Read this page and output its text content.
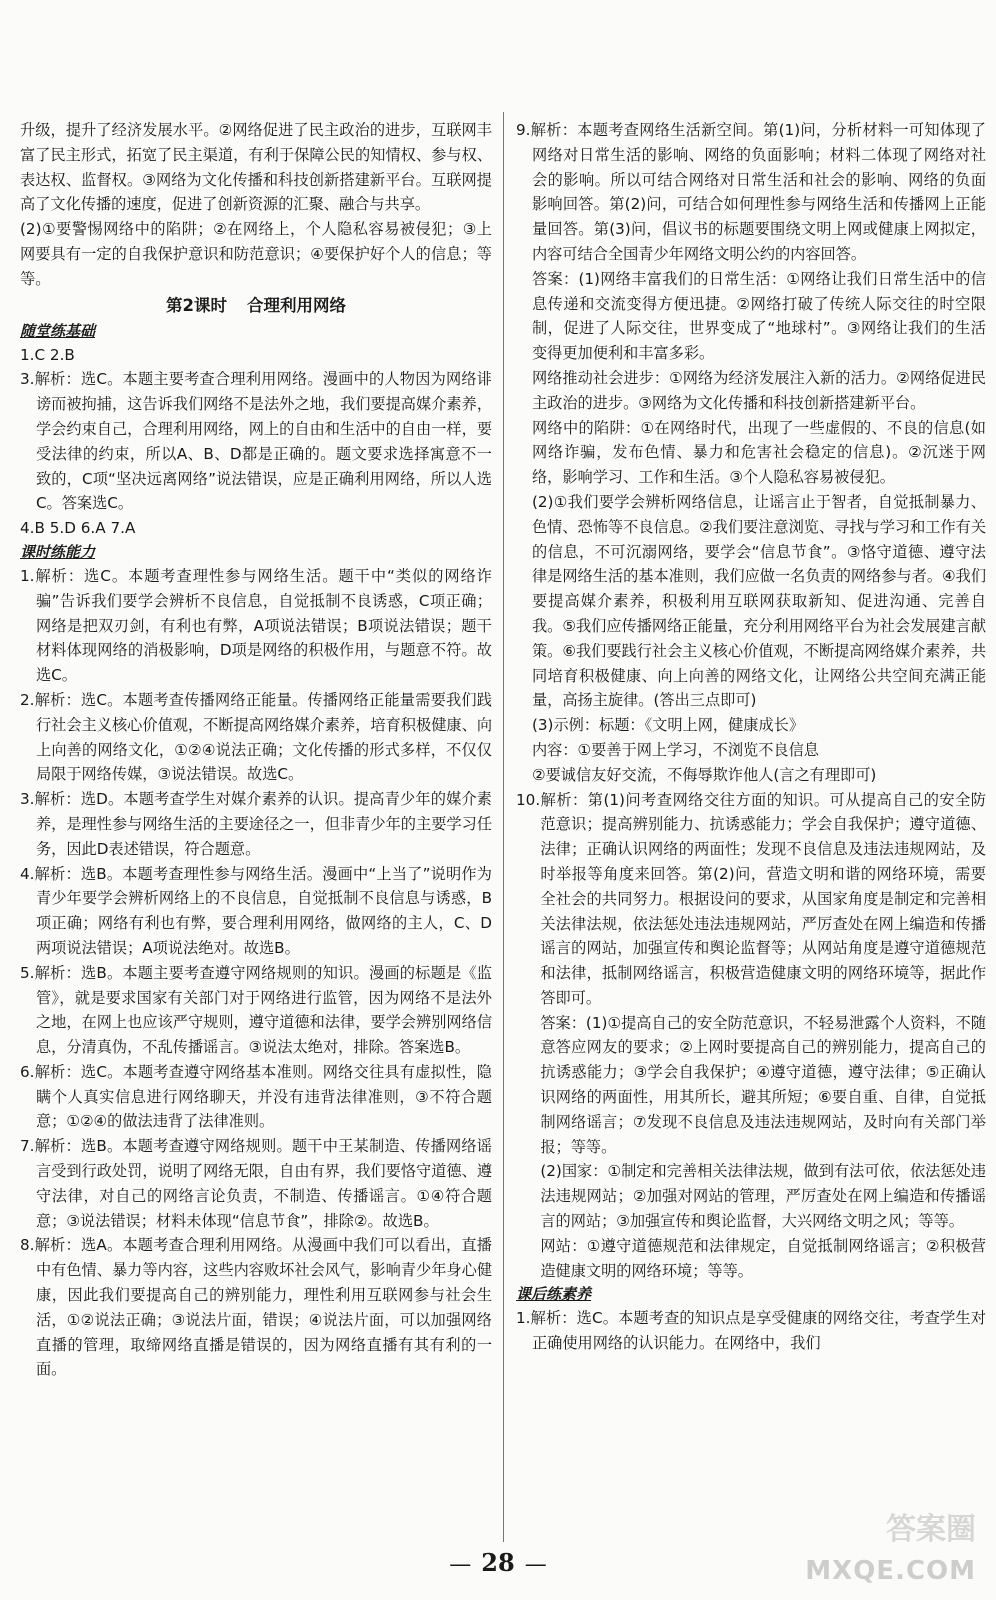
升级，提升了经济发展水平。②网络促进了民主政治的进步，互联网丰富了民主形式，拓宽了民主渠道，有利于保障公民的知情权、参与权、表达权、监督权。③网络为文化传播和科技创新搭建新平台。互联网提高了文化传播的速度，促进了创新资源的汇聚、融合与共享。

(2)①要警惕网络中的陷阱；②在网络上，个人隐私容易被侵犯；③上网要具有一定的自我保护意识和防范意识；④要保护好个人的信息；等等。

第2课时 合理利用网络
随堂练基础

1.C 2.B

3.解析：选C。本题主要考查合理利用网络。漫画中的人物因为网络诽谤而被拘捕，这告诉我们网络不是法外之地，我们要提高媒介素养，学会约束自己，合理利用网络，网上的自由和生活中的自由一样，要受法律的约束，所以A、B、D都是正确的。题文要求选择寓意不一致的，C项“坚决远离网络”说法错误，应是正确利用网络，所以人选C。答案选C。

4.B 5.D 6.A 7.A

课时练能力

1.解析：选C。本题考查理性参与网络生活。题干中“类似的网络诈骗”告诉我们要学会辨析不良信息，自觉抵制不良诱惑，C项正确；网络是把双刃剑，有利也有弊，A项说法错误；B项说法错误；题干材料体现网络的消极影响，D项是网络的积极作用，与题意不符。故选C。

2.解析：选C。本题考查传播网络正能量。传播网络正能量需要我们践行社会主义核心价值观，不断提高网络媒介素养，培育积极健康、向上向善的网络文化，①②④说法正确；文化传播的形式多样，不仅仅局限于网络传媒，③说法错误。故选C。

3.解析：选D。本题考查学生对媒介素养的认识。提高青少年的媒介素养，是理性参与网络生活的主要途径之一，但非青少年的主要学习任务，因此D表述错误，符合题意。

4.解析：选B。本题考查理性参与网络生活。漫画中“上当了”说明作为青少年要学会辨析网络上的不良信息，自觉抵制不良信息与诱惑，B项正确；网络有利也有弊，要合理利用网络，做网络的主人，C、D两项说法错误；A项说法绝对。故选B。

5.解析：选B。本题主要考查遵守网络规则的知识。漫画的标题是《监管》，就是要求国家有关部门对于网络进行监管，因为网络不是法外之地，在网上也应该严守规则，遵守道德和法律，要学会辨别网络信息，分清真伪，不乱传播谣言。③说法太绝对，排除。答案选B。

6.解析：选C。本题考查遵守网络基本准则。网络交往具有虚拟性，隐瞒个人真实信息进行网络聊天，并没有违背法律准则，③不符合题意；①②④的做法违背了法律准则。

7.解析：选B。本题考查遵守网络规则。题干中王某制造、传播网络谣言受到行政处罚，说明了网络无限，自由有界，我们要恪守道德、遵守法律，对自己的网络言论负责，不制造、传播谣言。①④符合题意；③说法错误；材料未体现“信息节食”，排除②。故选B。

8.解析：选A。本题考查合理利用网络。从漫画中我们可以看出，直播中有色情、暴力等内容，这些内容败坏社会风气，影响青少年身心健康，因此我们要提高自己的辨别能力，理性利用互联网参与社会生活，①②说法正确；③说法片面，错误；④说法片面，可以加强网络直播的管理，取缔网络直播是错误的，因为网络直播有其有利的一面。

9.解析：本题考查网络生活新空间。第(1)问，分析材料一可知体现了网络对日常生活的影响、网络的负面影响；材料二体现了网络对社会的影响。所以可结合网络对日常生活和社会的影响、网络的负面影响回答。第(2)问，可结合如何理性参与网络生活和传播网上正能量回答。第(3)问，倡议书的标题要围绕文明上网或健康上网拟定，内容可结合全国青少年网络文明公约的内容回答。

答案：(1)网络丰富我们的日常生活：①网络让我们日常生活中的信息传递和交流变得方便迅捷。②网络打破了传统人际交往的时空限制，促进了人际交往，世界变成了“地球村”。③网络让我们的生活变得更加便利和丰富多彩。

网络推动社会进步：①网络为经济发展注入新的活力。②网络促进民主政治的进步。③网络为文化传播和科技创新搭建新平台。

网络中的陷阱：①在网络时代，出现了一些虚假的、不良的信息(如网络诈骗，发布色情、暴力和危害社会稳定的信息)。②沉迷于网络，影响学习、工作和生活。③个人隐私容易被侵犯。

(2)①我们要学会辨析网络信息，让谣言止于智者，自觉抵制暴力、色情、恐怖等不良信息。②我们要注意浏览、寻找与学习和工作有关的信息，不可沉溺网络，要学会“信息节食”。③恪守道德、遵守法律是网络生活的基本准则，我们应做一名负责的网络参与者。④我们要提高媒介素养，积极利用互联网获取新知、促进沟通、完善自我。⑤我们应传播网络正能量，充分利用网络平台为社会发展建言献策。⑥我们要践行社会主义核心价值观，不断提高网络媒介素养，共同培育积极健康、向上向善的网络文化，让网络公共空间充满正能量，高扬主旋律。(答出三点即可)

(3)示例：标题：《文明上网，健康成长》

内容：①要善于网上学习，不浏览不良信息

②要诚信友好交流，不侮辱欺诈他人(言之有理即可)

10.解析：第(1)问考查网络交往方面的知识。可从提高自己的安全防范意识；提高辨别能力、抗诱惑能力；学会自我保护；遵守道德、法律；正确认识网络的两面性；发现不良信息及违法违规网站，及时举报等角度来回答。第(2)问，营造文明和谐的网络环境，需要全社会的共同努力。根据设问的要求，从国家角度是制定和完善相关法律法规，依法惩处违法违规网站，严厉查处在网上编造和传播谣言的网站，加强宣传和舆论监督等；从网站角度是遵守道德规范和法律，抵制网络谣言，积极营造健康文明的网络环境等，据此作答即可。

答案：(1)①提高自己的安全防范意识，不轻易泄露个人资料，不随意答应网友的要求；②上网时要提高自己的辨别能力，提高自己的抗诱惑能力；③学会自我保护；④遵守道德，遵守法律；⑤正确认识网络的两面性，用其所长，避其所短；⑥要自重、自律，自觉抵制网络谣言；⑦发现不良信息及违法违规网站，及时向有关部门举报；等等。

(2)国家：①制定和完善相关法律法规，做到有法可依，依法惩处违法违规网站；②加强对网站的管理，严厉查处在网上编造和传播谣言的网站；③加强宣传和舆论监督，大兴网络文明之风；等等。

网站：①遵守道德规范和法律规定，自觉抵制网络谣言；②积极营造健康文明的网络环境；等等。

课后练素养

1.解析：选C。本题考查的知识点是享受健康的网络交往，考查学生对正确使用网络的认识能力。在网络中，我们

— 28 —
答案圈
MXQE.COM
